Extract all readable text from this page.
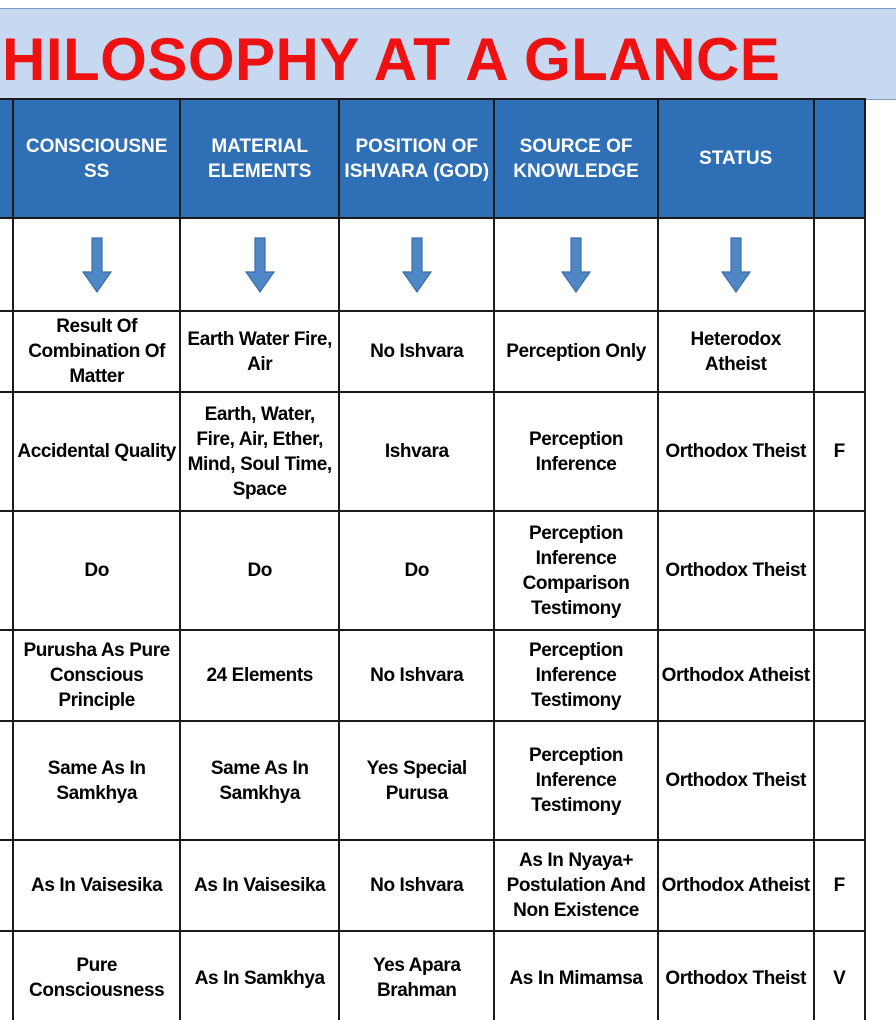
HILOSOPHY AT A GLANCE

CONSCIOUSNE SS	MATERIAL ELEMENTS	POSITION OF ISHVARA (GOD)	SOURCE OF KNOWLEDGE	STATUS	

	Result Of Combination Of Matter	Earth Water Fire, Air	No Ishvara	Perception Only	Heterodox Atheist	
	Accidental Quality	Earth, Water, Fire, Air, Ether, Mind, Soul Time, Space	Ishvara	Perception Inference	Orthodox Theist	F
	Do	Do	Do	Perception Inference Comparison Testimony	Orthodox Theist	
	Purusha As Pure Conscious Principle	24 Elements	No Ishvara	Perception Inference Testimony	Orthodox Atheist	
	Same As In Samkhya	Same As In Samkhya	Yes Special Purusa	Perception Inference Testimony	Orthodox Theist	
	As In Vaisesika	As In Vaisesika	No Ishvara	As In Nyaya+ Postulation And Non Existence	Orthodox Atheist	F
	Pure Consciousness	As In Samkhya	Yes Apara Brahman	As In Mimamsa	Orthodox Theist	V
